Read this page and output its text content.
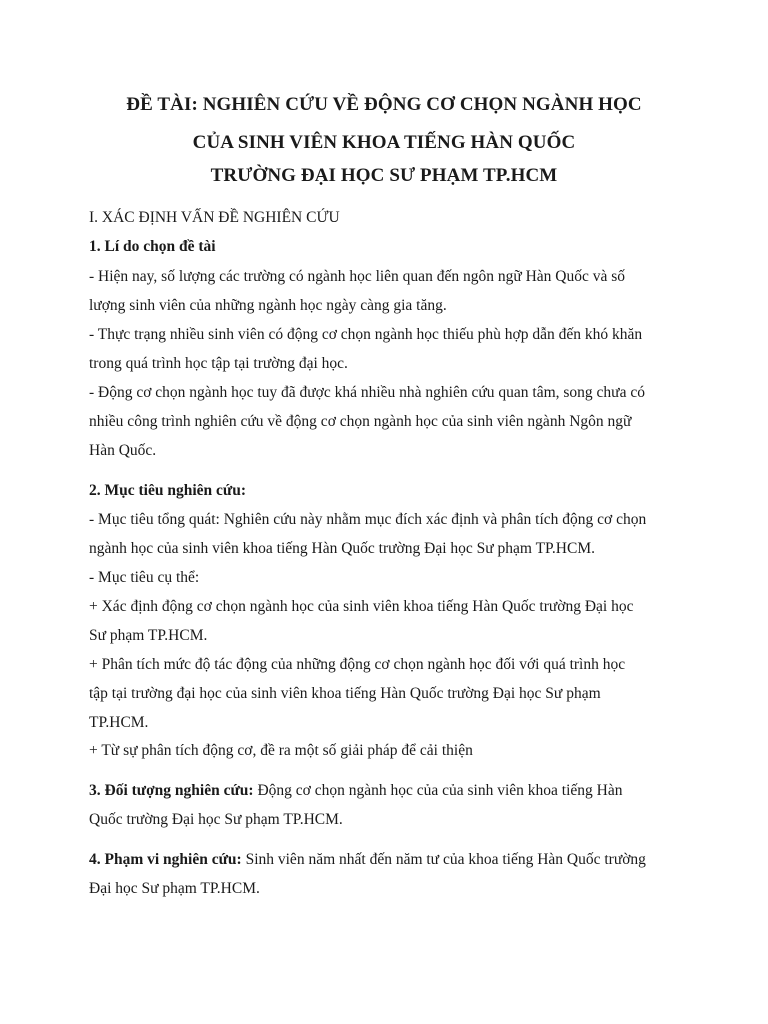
ĐỀ TÀI: NGHIÊN CỨU VỀ ĐỘNG CƠ CHỌN NGÀNH HỌC
CỦA SINH VIÊN KHOA TIẾNG HÀN QUỐC
TRƯỜNG ĐẠI HỌC SƯ PHẠM TP.HCM
I. XÁC ĐỊNH VẤN ĐỀ NGHIÊN CỨU
1. Lí do chọn đề tài
- Hiện nay, số lượng các trường có ngành học liên quan đến ngôn ngữ Hàn Quốc và số
lượng sinh viên của những ngành học ngày càng gia tăng.
- Thực trạng nhiều sinh viên có động cơ chọn ngành học thiếu phù hợp dẫn đến khó khăn
trong quá trình học tập tại trường đại học.
- Động cơ chọn ngành học tuy đã được khá nhiều nhà nghiên cứu quan tâm, song chưa có
nhiều công trình nghiên cứu về động cơ chọn ngành học của sinh viên ngành Ngôn ngữ
Hàn Quốc.
2. Mục tiêu nghiên cứu:
- Mục tiêu tổng quát: Nghiên cứu này nhằm mục đích xác định và phân tích động cơ chọn
ngành học của sinh viên khoa tiếng Hàn Quốc trường Đại học Sư phạm TP.HCM.
- Mục tiêu cụ thể:
+ Xác định động cơ chọn ngành học của sinh viên khoa tiếng Hàn Quốc trường Đại học
Sư phạm TP.HCM.
+ Phân tích mức độ tác động của những động cơ chọn ngành học đối với quá trình học
tập tại trường đại học của sinh viên khoa tiếng Hàn Quốc trường Đại học Sư phạm
TP.HCM.
+ Từ sự phân tích động cơ, đề ra một số giải pháp để cải thiện
3. Đối tượng nghiên cứu: Động cơ chọn ngành học của của sinh viên khoa tiếng Hàn
Quốc trường Đại học Sư phạm TP.HCM.
4. Phạm vi nghiên cứu: Sinh viên năm nhất đến năm tư của khoa tiếng Hàn Quốc trường
Đại học Sư phạm TP.HCM.
